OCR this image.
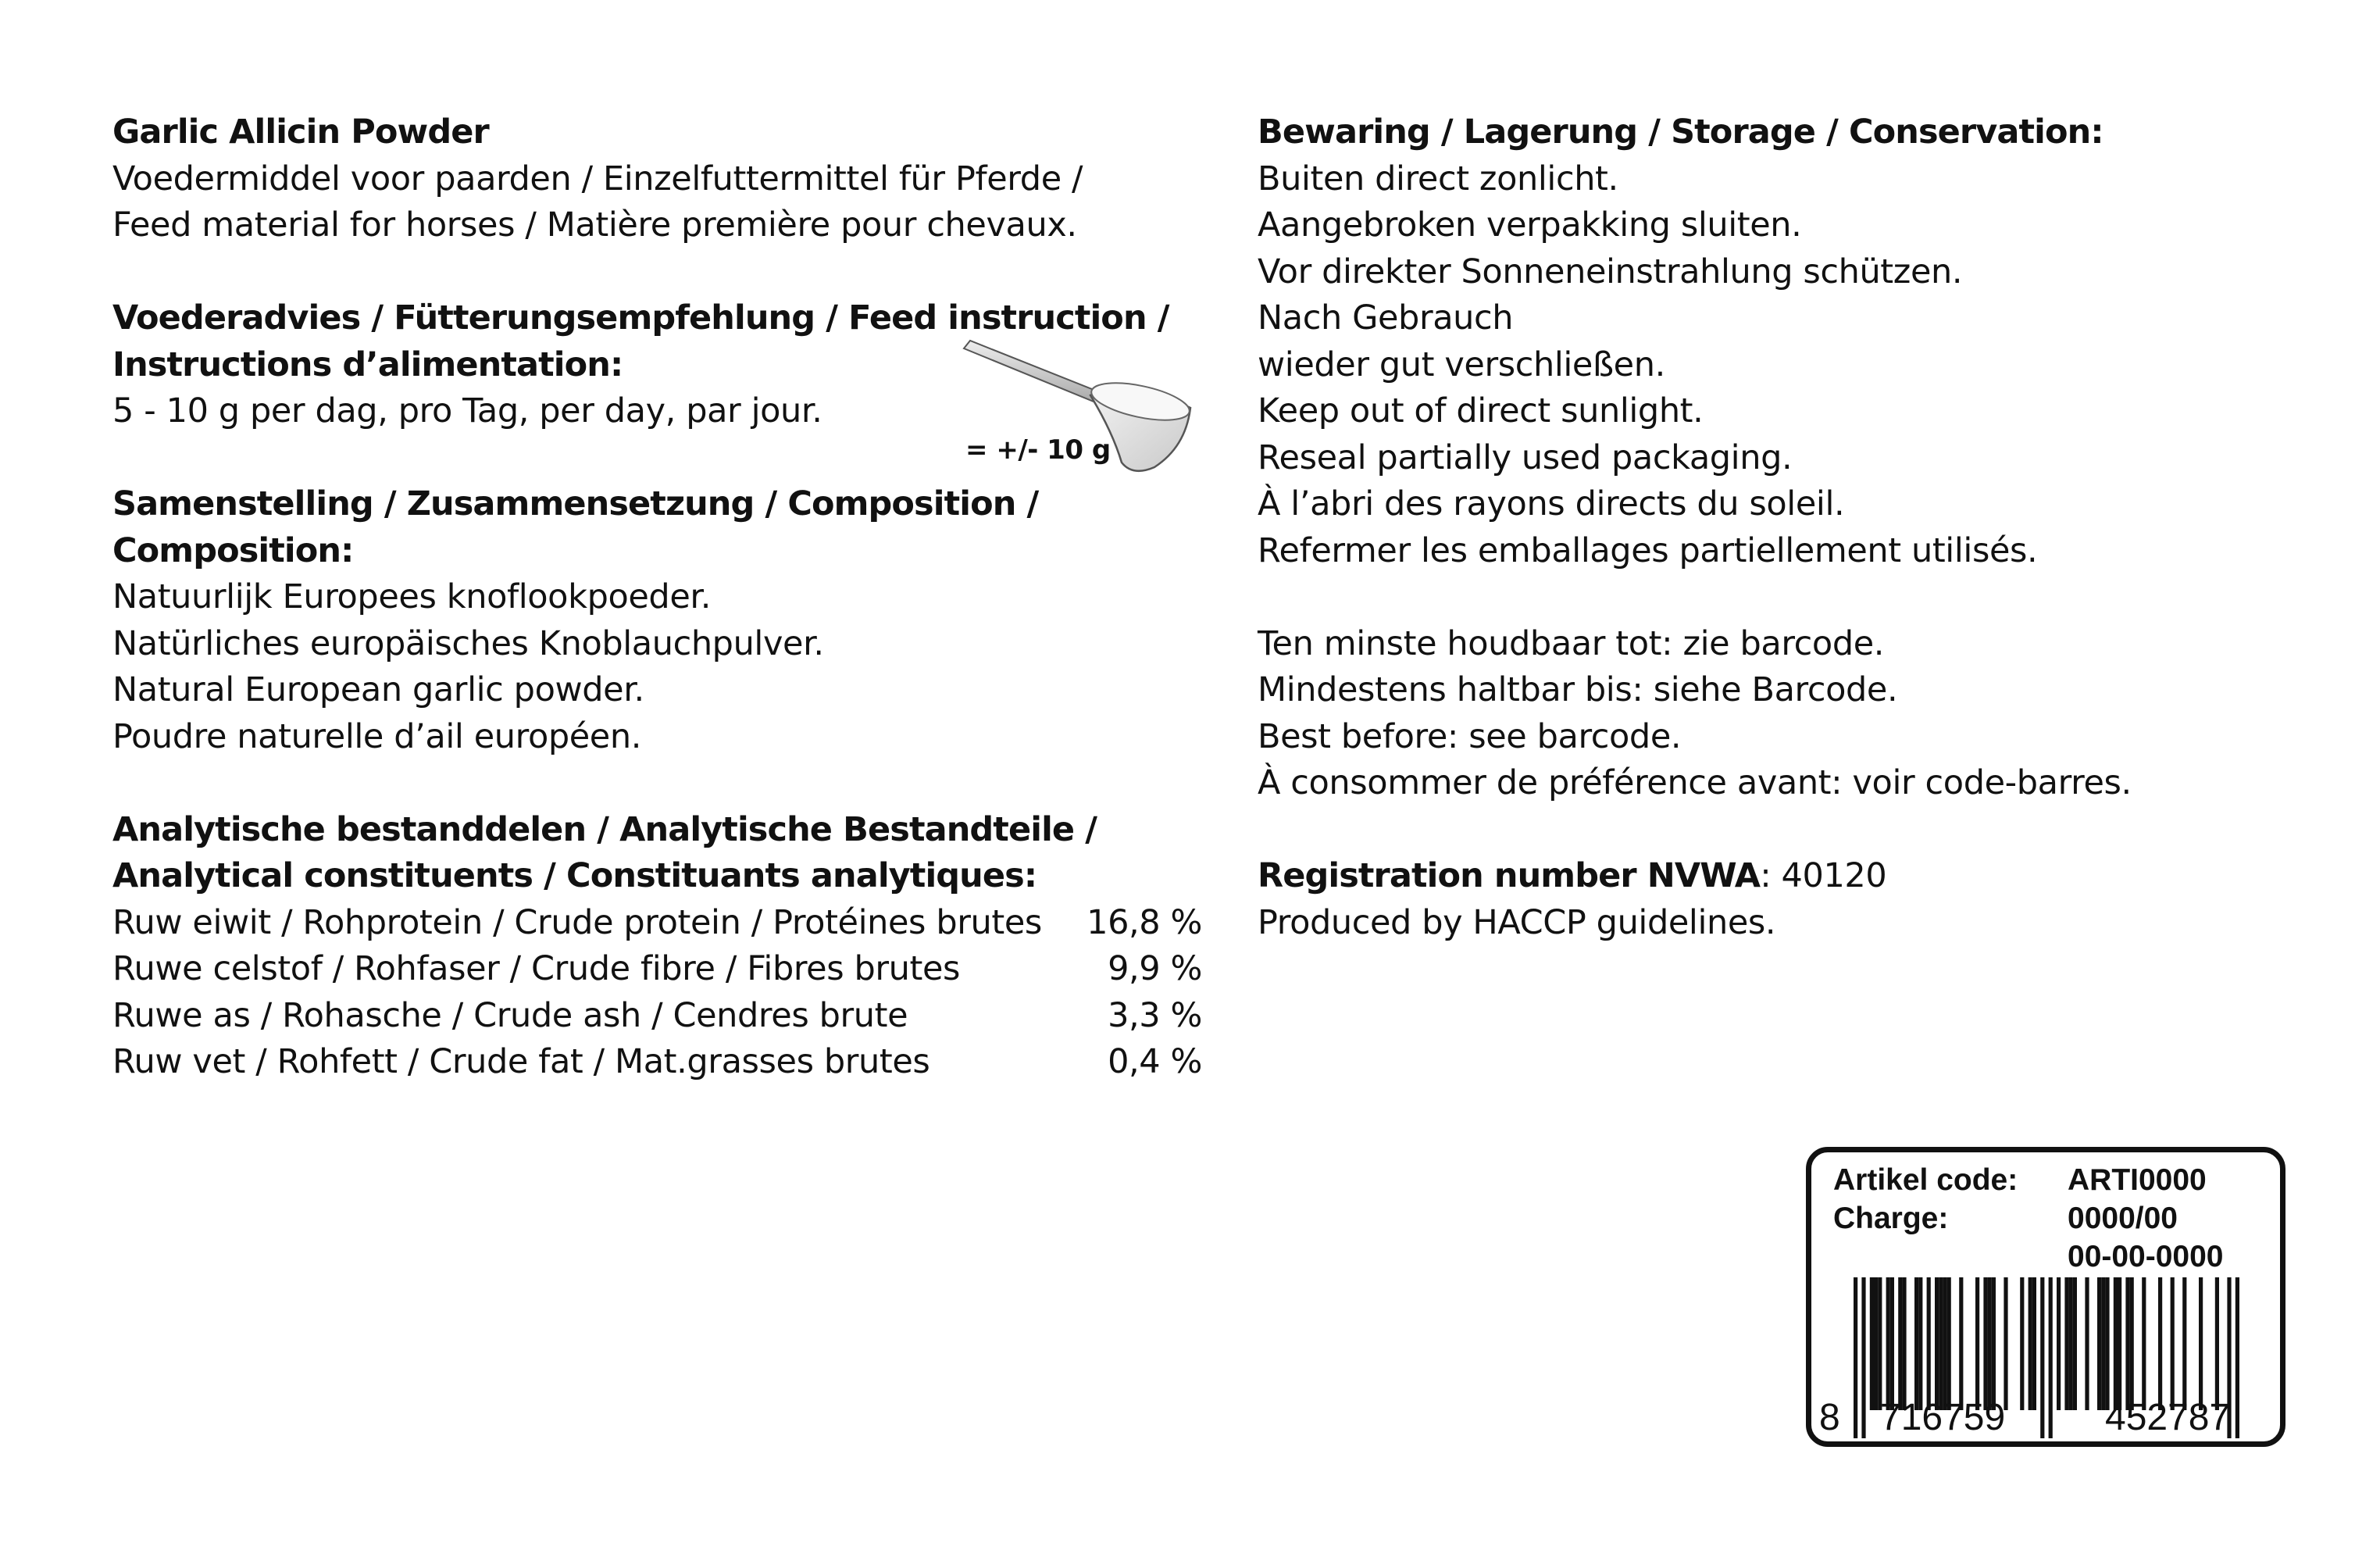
Garlic Allicin Powder
Voedermiddel voor paarden / Einzelfuttermittel für Pferde /
Feed material for horses / Matière première pour chevaux.
Voederadvies / Fütterungsempfehlung / Feed instruction /
Instructions d’alimentation:
5 - 10 g per dag, pro Tag, per day, par jour.
Samenstelling / Zusammensetzung / Composition /
Composition:
Natuurlijk Europees knoflookpoeder.
Natürliches europäisches Knoblauchpulver.
Natural European garlic powder.
Poudre naturelle d’ail européen.
Analytische bestanddelen / Analytische Bestandteile /
Analytical constituents / Constituants analytiques:
Ruw eiwit / Rohprotein / Crude protein / Protéines brutes 16,8 %
Ruwe celstof / Rohfaser / Crude fibre / Fibres brutes	9,9 %
Ruwe as / Rohasche / Crude ash / Cendres brute	3,3 %
Ruw vet / Rohfett / Crude fat / Mat.grasses brutes	0,4 %
= +/- 10 g
Bewaring / Lagerung / Storage / Conservation:
Buiten direct zonlicht.
Aangebroken verpakking sluiten.
Vor direkter Sonneneinstrahlung schützen.
Nach Gebrauch
wieder gut verschließen.
Keep out of direct sunlight.
Reseal partially used packaging.
À l’abri des rayons directs du soleil.
Refermer les emballages partiellement utilisés.
Ten minste houdbaar tot: zie barcode.
Mindestens haltbar bis: siehe Barcode.
Best before: see barcode.
À consommer de préférence avant: voir code-barres.
Registration number NVWA: 40120
Produced by HACCP guidelines.
Artikel code: ARTI0000
Charge:	0000/00
00-00-0000
8 716759	452787
